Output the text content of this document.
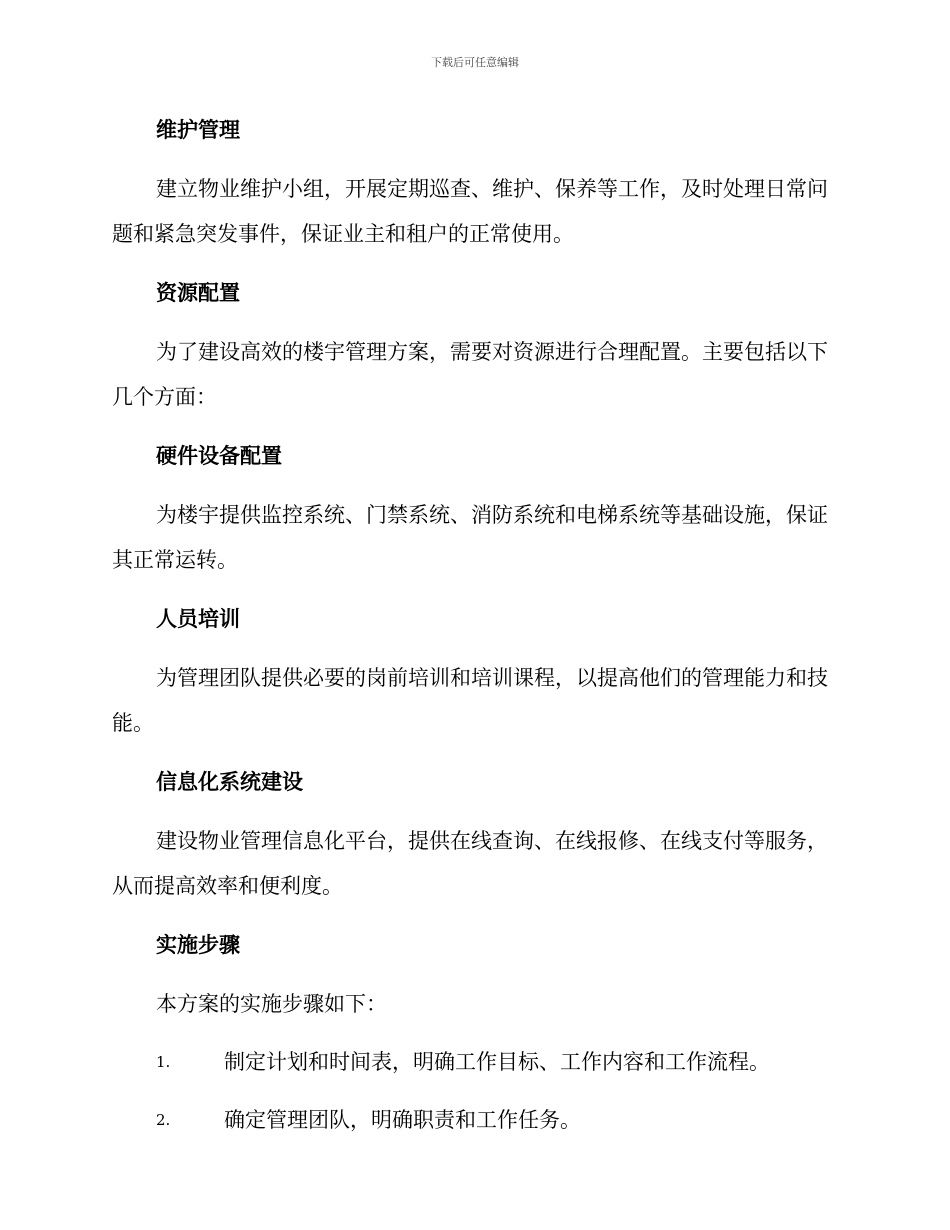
下载后可任意编辑
维护管理
建立物业维护小组，开展定期巡查、维护、保养等工作，及时处理日常问题和紧急突发事件，保证业主和租户的正常使用。
资源配置
为了建设高效的楼宇管理方案，需要对资源进行合理配置。主要包括以下几个方面：
硬件设备配置
为楼宇提供监控系统、门禁系统、消防系统和电梯系统等基础设施，保证其正常运转。
人员培训
为管理团队提供必要的岗前培训和培训课程，以提高他们的管理能力和技能。
信息化系统建设
建设物业管理信息化平台，提供在线查询、在线报修、在线支付等服务，从而提高效率和便利度。
实施步骤
本方案的实施步骤如下：
1.	制定计划和时间表，明确工作目标、工作内容和工作流程。
2.	确定管理团队，明确职责和工作任务。
